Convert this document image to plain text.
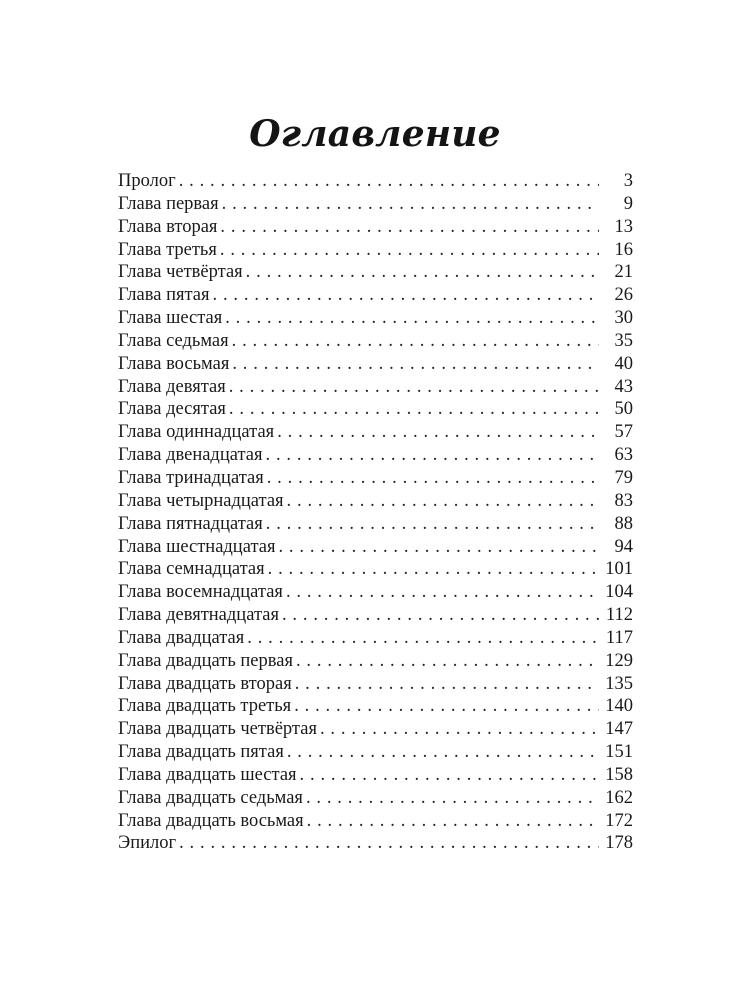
Оглавление
Пролог . . .	3
Глава первая . . .	9
Глава вторая . . .	13
Глава третья . . .	16
Глава четвёртая . . .	21
Глава пятая . . .	26
Глава шестая . . .	30
Глава седьмая . . .	35
Глава восьмая . . .	40
Глава девятая . . .	43
Глава десятая . . .	50
Глава одиннадцатая . . .	57
Глава двенадцатая . . .	63
Глава тринадцатая . . .	79
Глава четырнадцатая . . .	83
Глава пятнадцатая . . .	88
Глава шестнадцатая . . .	94
Глава семнадцатая . . .	101
Глава восемнадцатая . . .	104
Глава девятнадцатая . . .	112
Глава двадцатая . . .	117
Глава двадцать первая . . .	129
Глава двадцать вторая . . .	135
Глава двадцать третья . . .	140
Глава двадцать четвёртая . . .	147
Глава двадцать пятая . . .	151
Глава двадцать шестая . . .	158
Глава двадцать седьмая . . .	162
Глава двадцать восьмая . . .	172
Эпилог . . .	178
